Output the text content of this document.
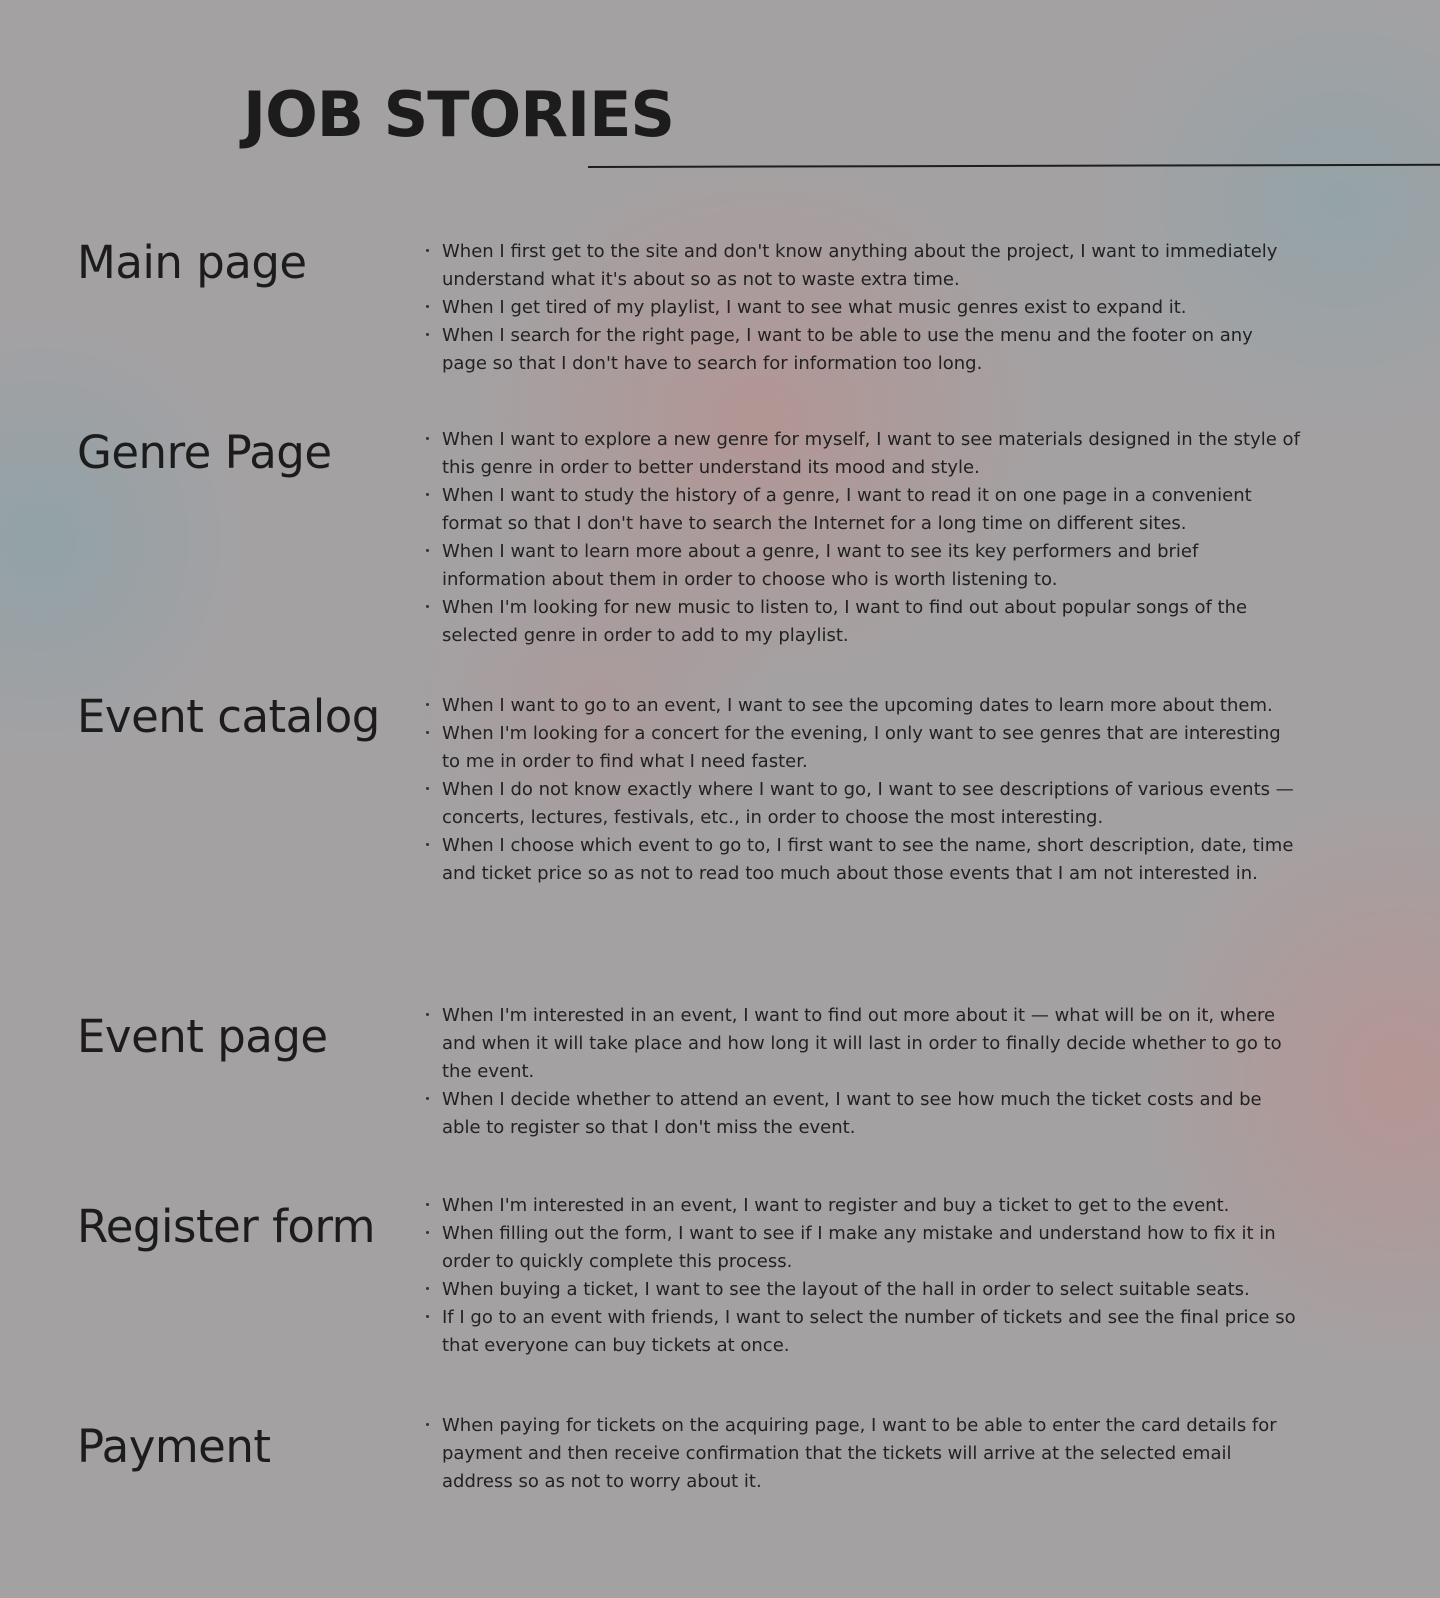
JOB STORIES
Main page	When I first get to the site and don't know anything about the project, I want to immediately understand what it's about so as not to waste extra time.
When I get tired of my playlist, I want to see what music genres exist to expand it.
When I search for the right page, I want to be able to use the menu and the footer on any page so that I don't have to search for information too long.
Genre Page	When I want to explore a new genre for myself, I want to see materials designed in the style of this genre in order to better understand its mood and style.
When I want to study the history of a genre, I want to read it on one page in a convenient format so that I don't have to search the Internet for a long time on different sites.
When I want to learn more about a genre, I want to see its key performers and brief information about them in order to choose who is worth listening to.
When I'm looking for new music to listen to, I want to find out about popular songs of the selected genre in order to add to my playlist.
Event catalog	When I want to go to an event, I want to see the upcoming dates to learn more about them.
When I'm looking for a concert for the evening, I only want to see genres that are interesting to me in order to find what I need faster.
When I do not know exactly where I want to go, I want to see descriptions of various events — concerts, lectures, festivals, etc., in order to choose the most interesting.
When I choose which event to go to, I first want to see the name, short description, date, time and ticket price so as not to read too much about those events that I am not interested in.
Event page	When I'm interested in an event, I want to find out more about it — what will be on it, where and when it will take place and how long it will last in order to finally decide whether to go to the event.
When I decide whether to attend an event, I want to see how much the ticket costs and be able to register so that I don't miss the event.
Register form	When I'm interested in an event, I want to register and buy a ticket to get to the event.
When filling out the form, I want to see if I make any mistake and understand how to fix it in order to quickly complete this process.
When buying a ticket, I want to see the layout of the hall in order to select suitable seats.
If I go to an event with friends, I want to select the number of tickets and see the final price so that everyone can buy tickets at once.
Payment	When paying for tickets on the acquiring page, I want to be able to enter the card details for payment and then receive confirmation that the tickets will arrive at the selected email address so as not to worry about it.
